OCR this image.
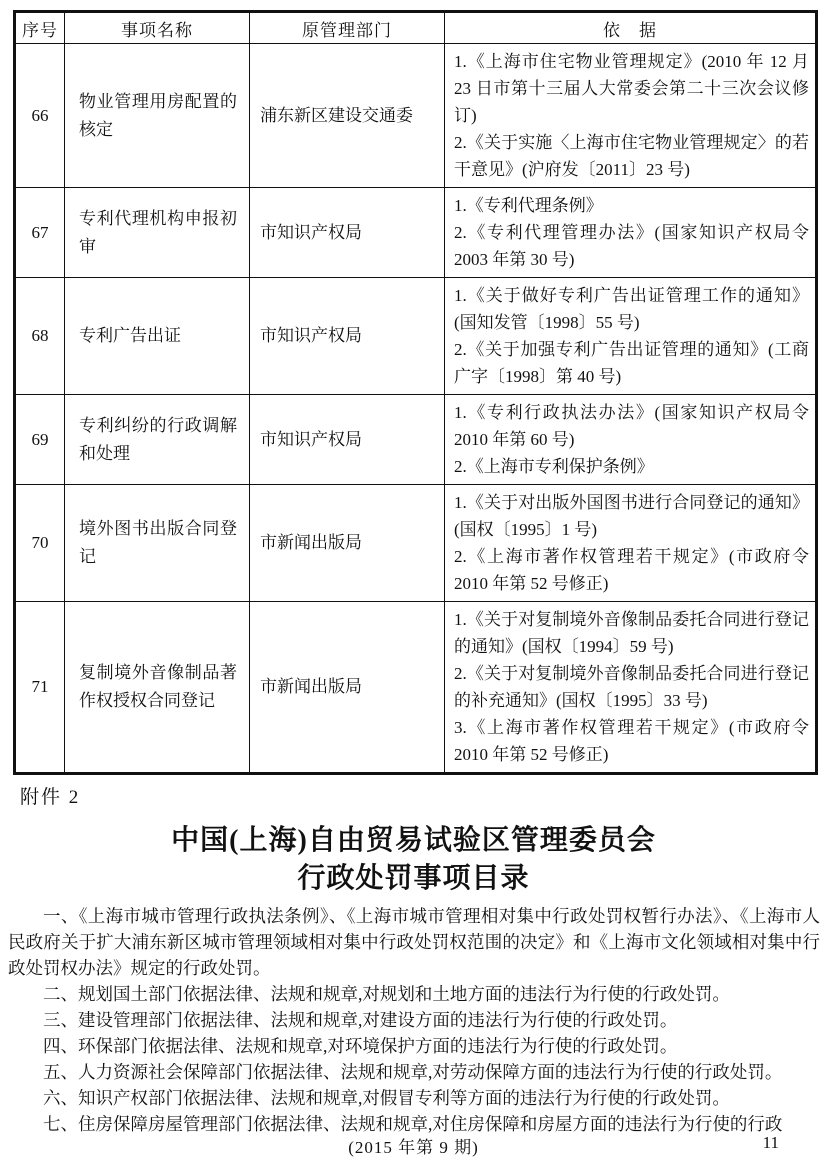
序号	事项名称	原管理部门	依　据
66	物业管理用房配置的核定	浦东新区建设交通委	1.《上海市住宅物业管理规定》(2010 年 12 月 23 日市第十三届人大常委会第二十三次会议修订)
2.《关于实施〈上海市住宅物业管理规定〉的若干意见》(沪府发〔2011〕23 号)

67	专利代理机构申报初审	市知识产权局	1.《专利代理条例》
2.《专利代理管理办法》(国家知识产权局令 2003 年第 30 号)

68	专利广告出证	市知识产权局	1.《关于做好专利广告出证管理工作的通知》(国知发管〔1998〕55 号)
2.《关于加强专利广告出证管理的通知》(工商广字〔1998〕第 40 号)

69	专利纠纷的行政调解和处理	市知识产权局	1.《专利行政执法办法》(国家知识产权局令 2010 年第 60 号)
2.《上海市专利保护条例》

70	境外图书出版合同登记	市新闻出版局	1.《关于对出版外国图书进行合同登记的通知》(国权〔1995〕1 号)
2.《上海市著作权管理若干规定》(市政府令 2010 年第 52 号修正)

71	复制境外音像制品著作权授权合同登记	市新闻出版局	1.《关于对复制境外音像制品委托合同进行登记的通知》(国权〔1994〕59 号)
2.《关于对复制境外音像制品委托合同进行登记的补充通知》(国权〔1995〕33 号)
3.《上海市著作权管理若干规定》(市政府令 2010 年第 52 号修正)
附件 2
中国(上海)自由贸易试验区管理委员会
行政处罚事项目录

一、《上海市城市管理行政执法条例》、《上海市城市管理相对集中行政处罚权暂行办法》、《上海市人民政府关于扩大浦东新区城市管理领域相对集中行政处罚权范围的决定》和《上海市文化领域相对集中行政处罚权办法》规定的行政处罚。

二、规划国土部门依据法律、法规和规章,对规划和土地方面的违法行为行使的行政处罚。

三、建设管理部门依据法律、法规和规章,对建设方面的违法行为行使的行政处罚。

四、环保部门依据法律、法规和规章,对环境保护方面的违法行为行使的行政处罚。

五、人力资源社会保障部门依据法律、法规和规章,对劳动保障方面的违法行为行使的行政处罚。

六、知识产权部门依据法律、法规和规章,对假冒专利等方面的违法行为行使的行政处罚。

七、住房保障房屋管理部门依据法律、法规和规章,对住房保障和房屋方面的违法行为行使的行政

(2015 年第 9 期)	11
